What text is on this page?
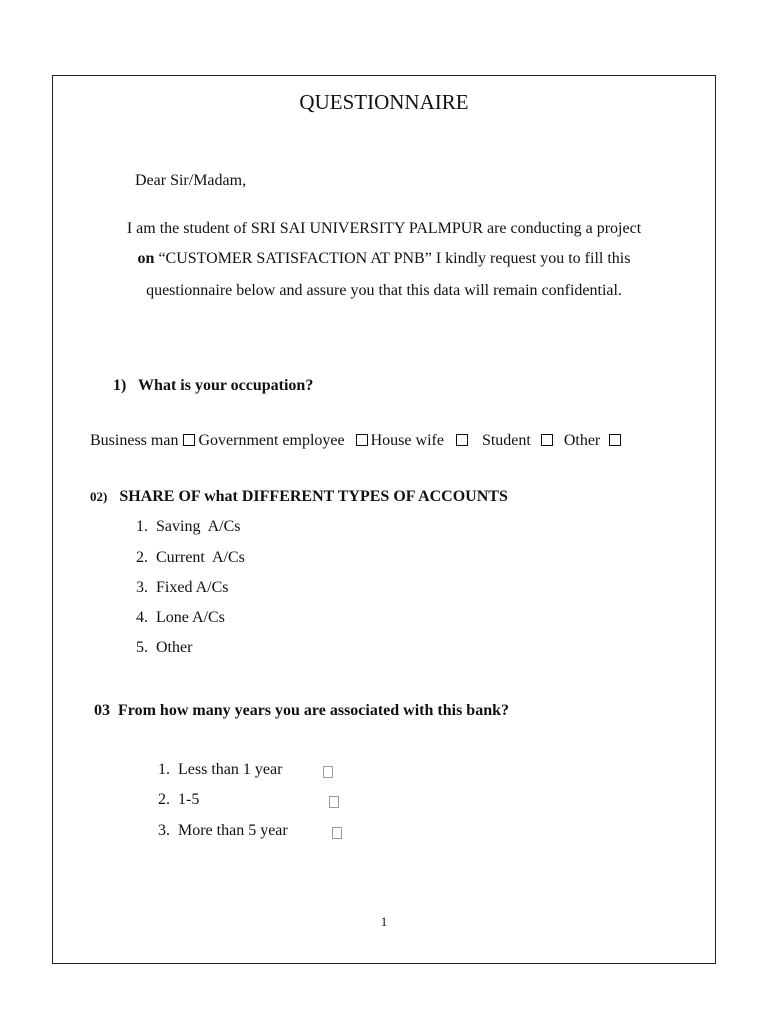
QUESTIONNAIRE
Dear Sir/Madam,
I am the student of SRI SAI UNIVERSITY PALMPUR are conducting a project
on “CUSTOMER SATISFACTION AT PNB” I kindly request you to fill this
questionnaire below and assure you that this data will remain confidential.
1)   What is your occupation?
Business man Government employee House wife Student Other
02) SHARE OF what DIFFERENT TYPES OF ACCOUNTS
1.  Saving  A/Cs
2.  Current  A/Cs
3.  Fixed A/Cs
4.  Lone A/Cs
5.  Other
03  From how many years you are associated with this bank?
1.  Less than 1 year
2.  1-5
3.  More than 5 year
1
